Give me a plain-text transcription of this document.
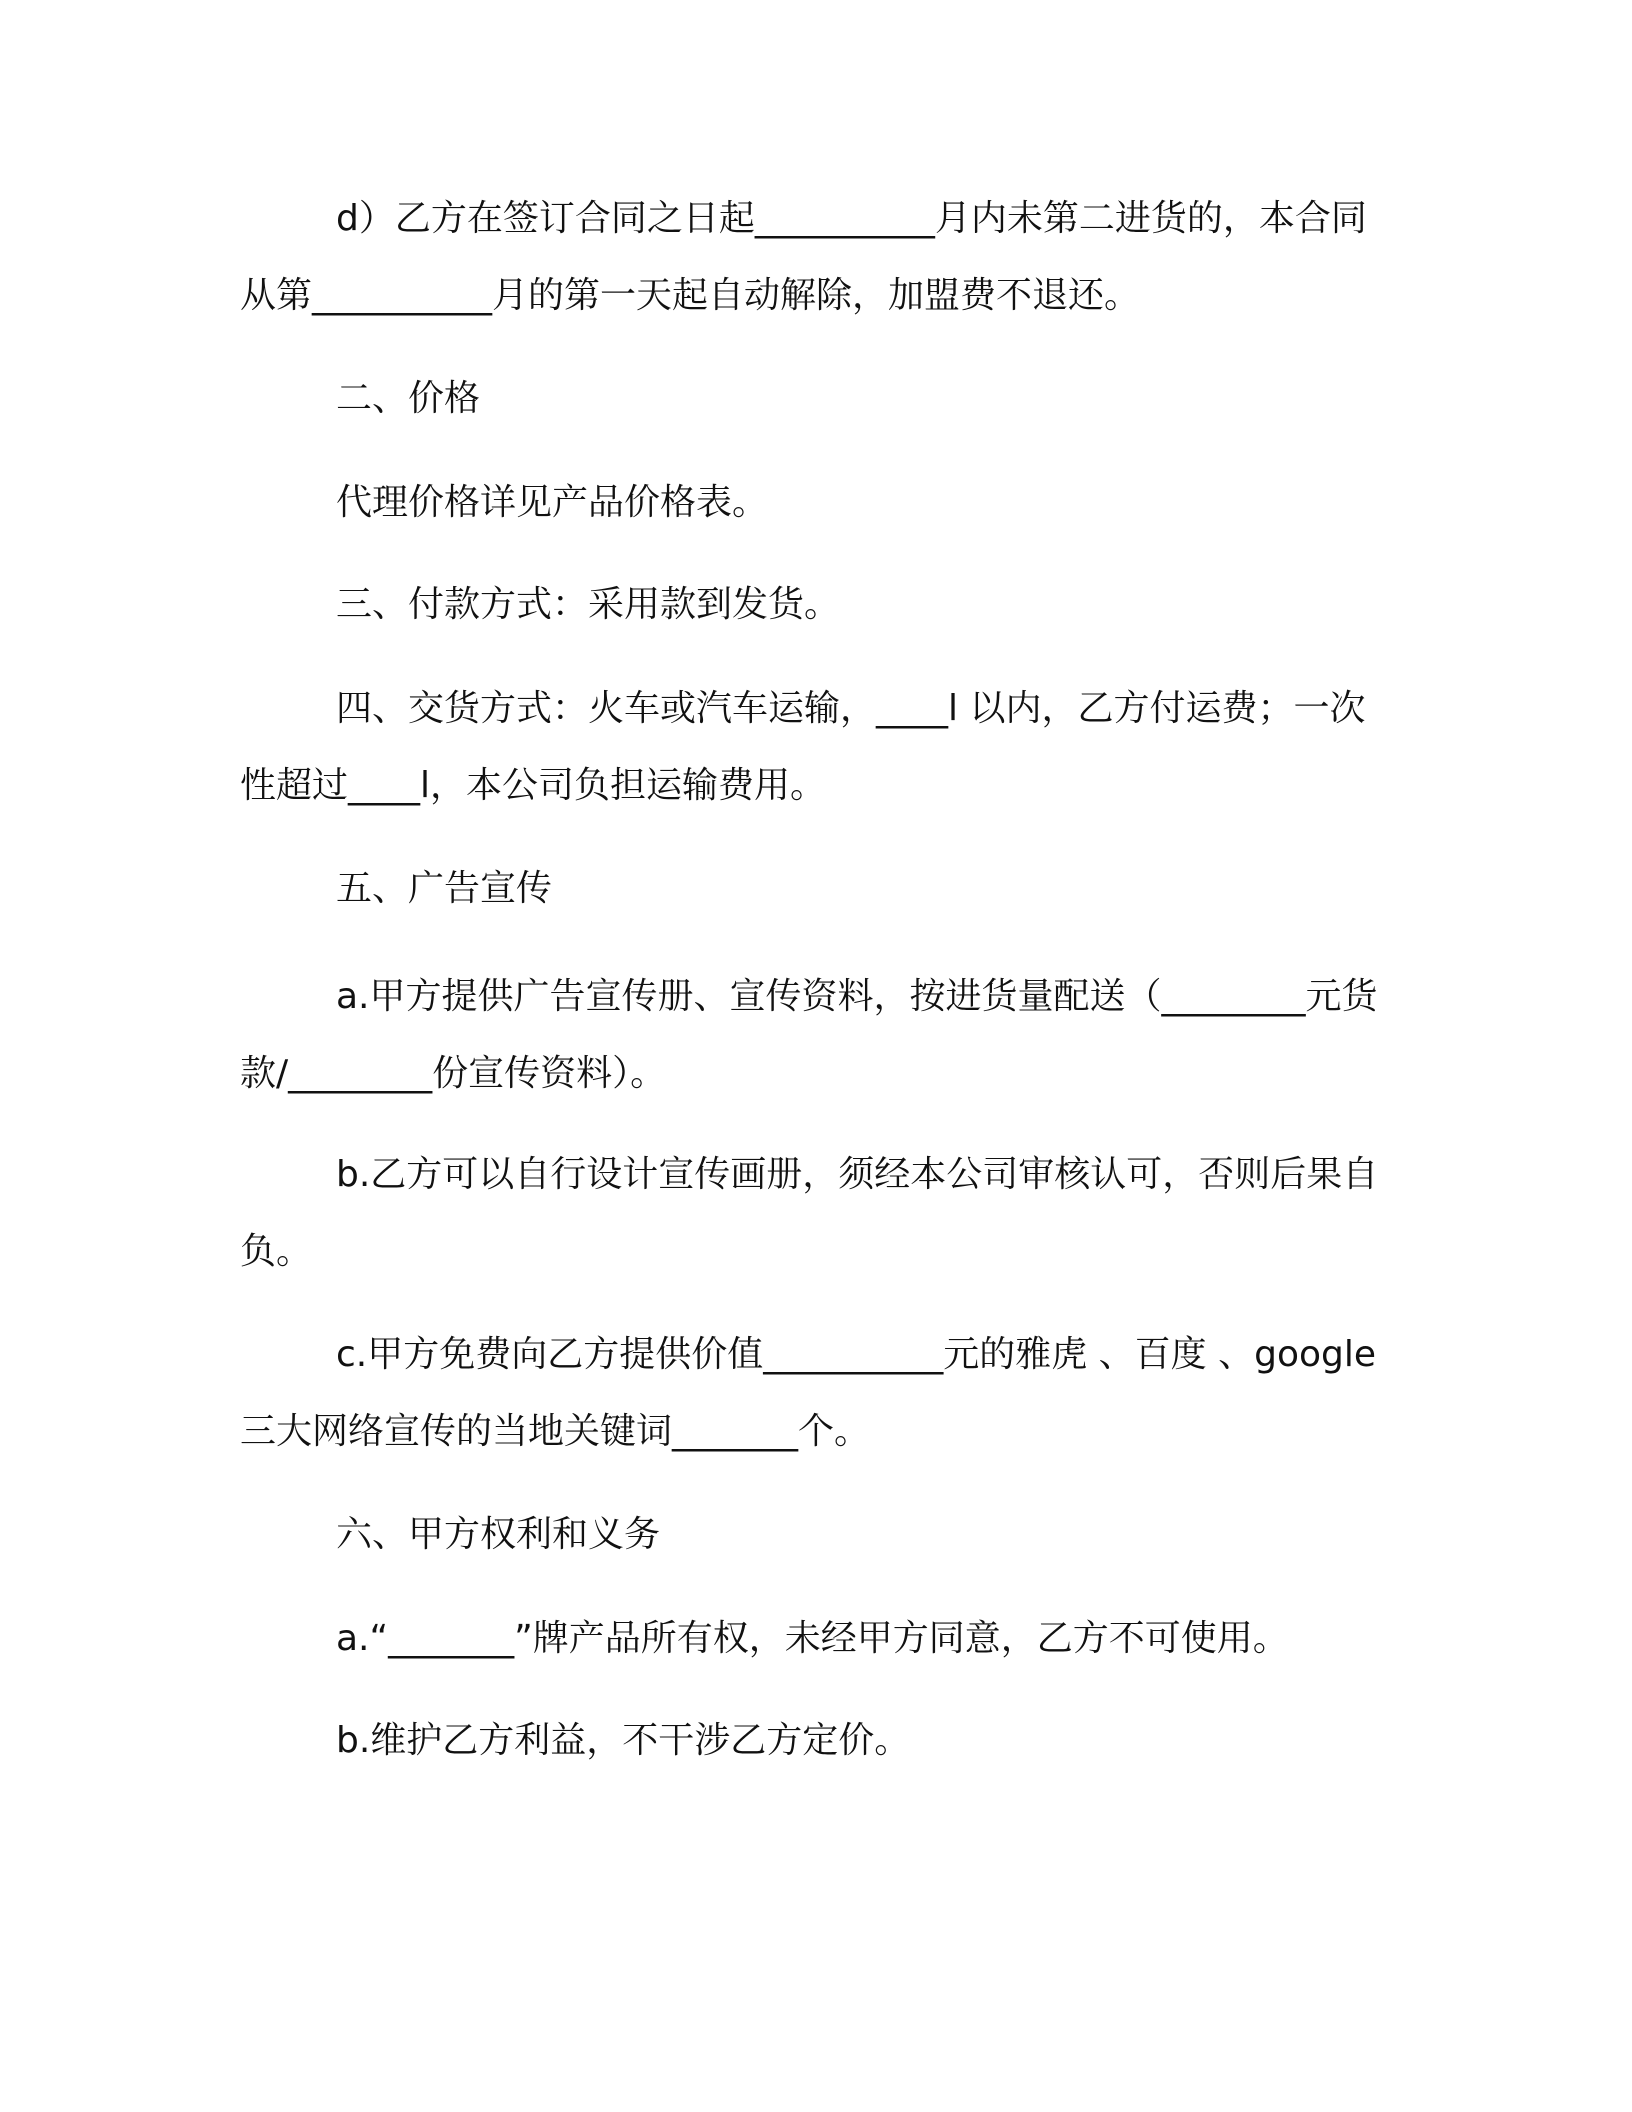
d）乙方在签订合同之日起__________月内未第二进货的，本合同从第__________月的第一天起自动解除，加盟费不退还。

二、价格

代理价格详见产品价格表。

三、付款方式：采用款到发货。

四、交货方式：火车或汽车运输，____l 以内，乙方付运费；一次性超过____l，本公司负担运输费用。

五、广告宣传

a.甲方提供广告宣传册、宣传资料，按进货量配送（________元货款/________份宣传资料）。

b.乙方可以自行设计宣传画册，须经本公司审核认可，否则后果自负。

c.甲方免费向乙方提供价值__________元的雅虎 、百度 、google 三大网络宣传的当地关键词_______个。

六、甲方权利和义务

a.“_______”牌产品所有权，未经甲方同意，乙方不可使用。

b.维护乙方利益，不干涉乙方定价。
